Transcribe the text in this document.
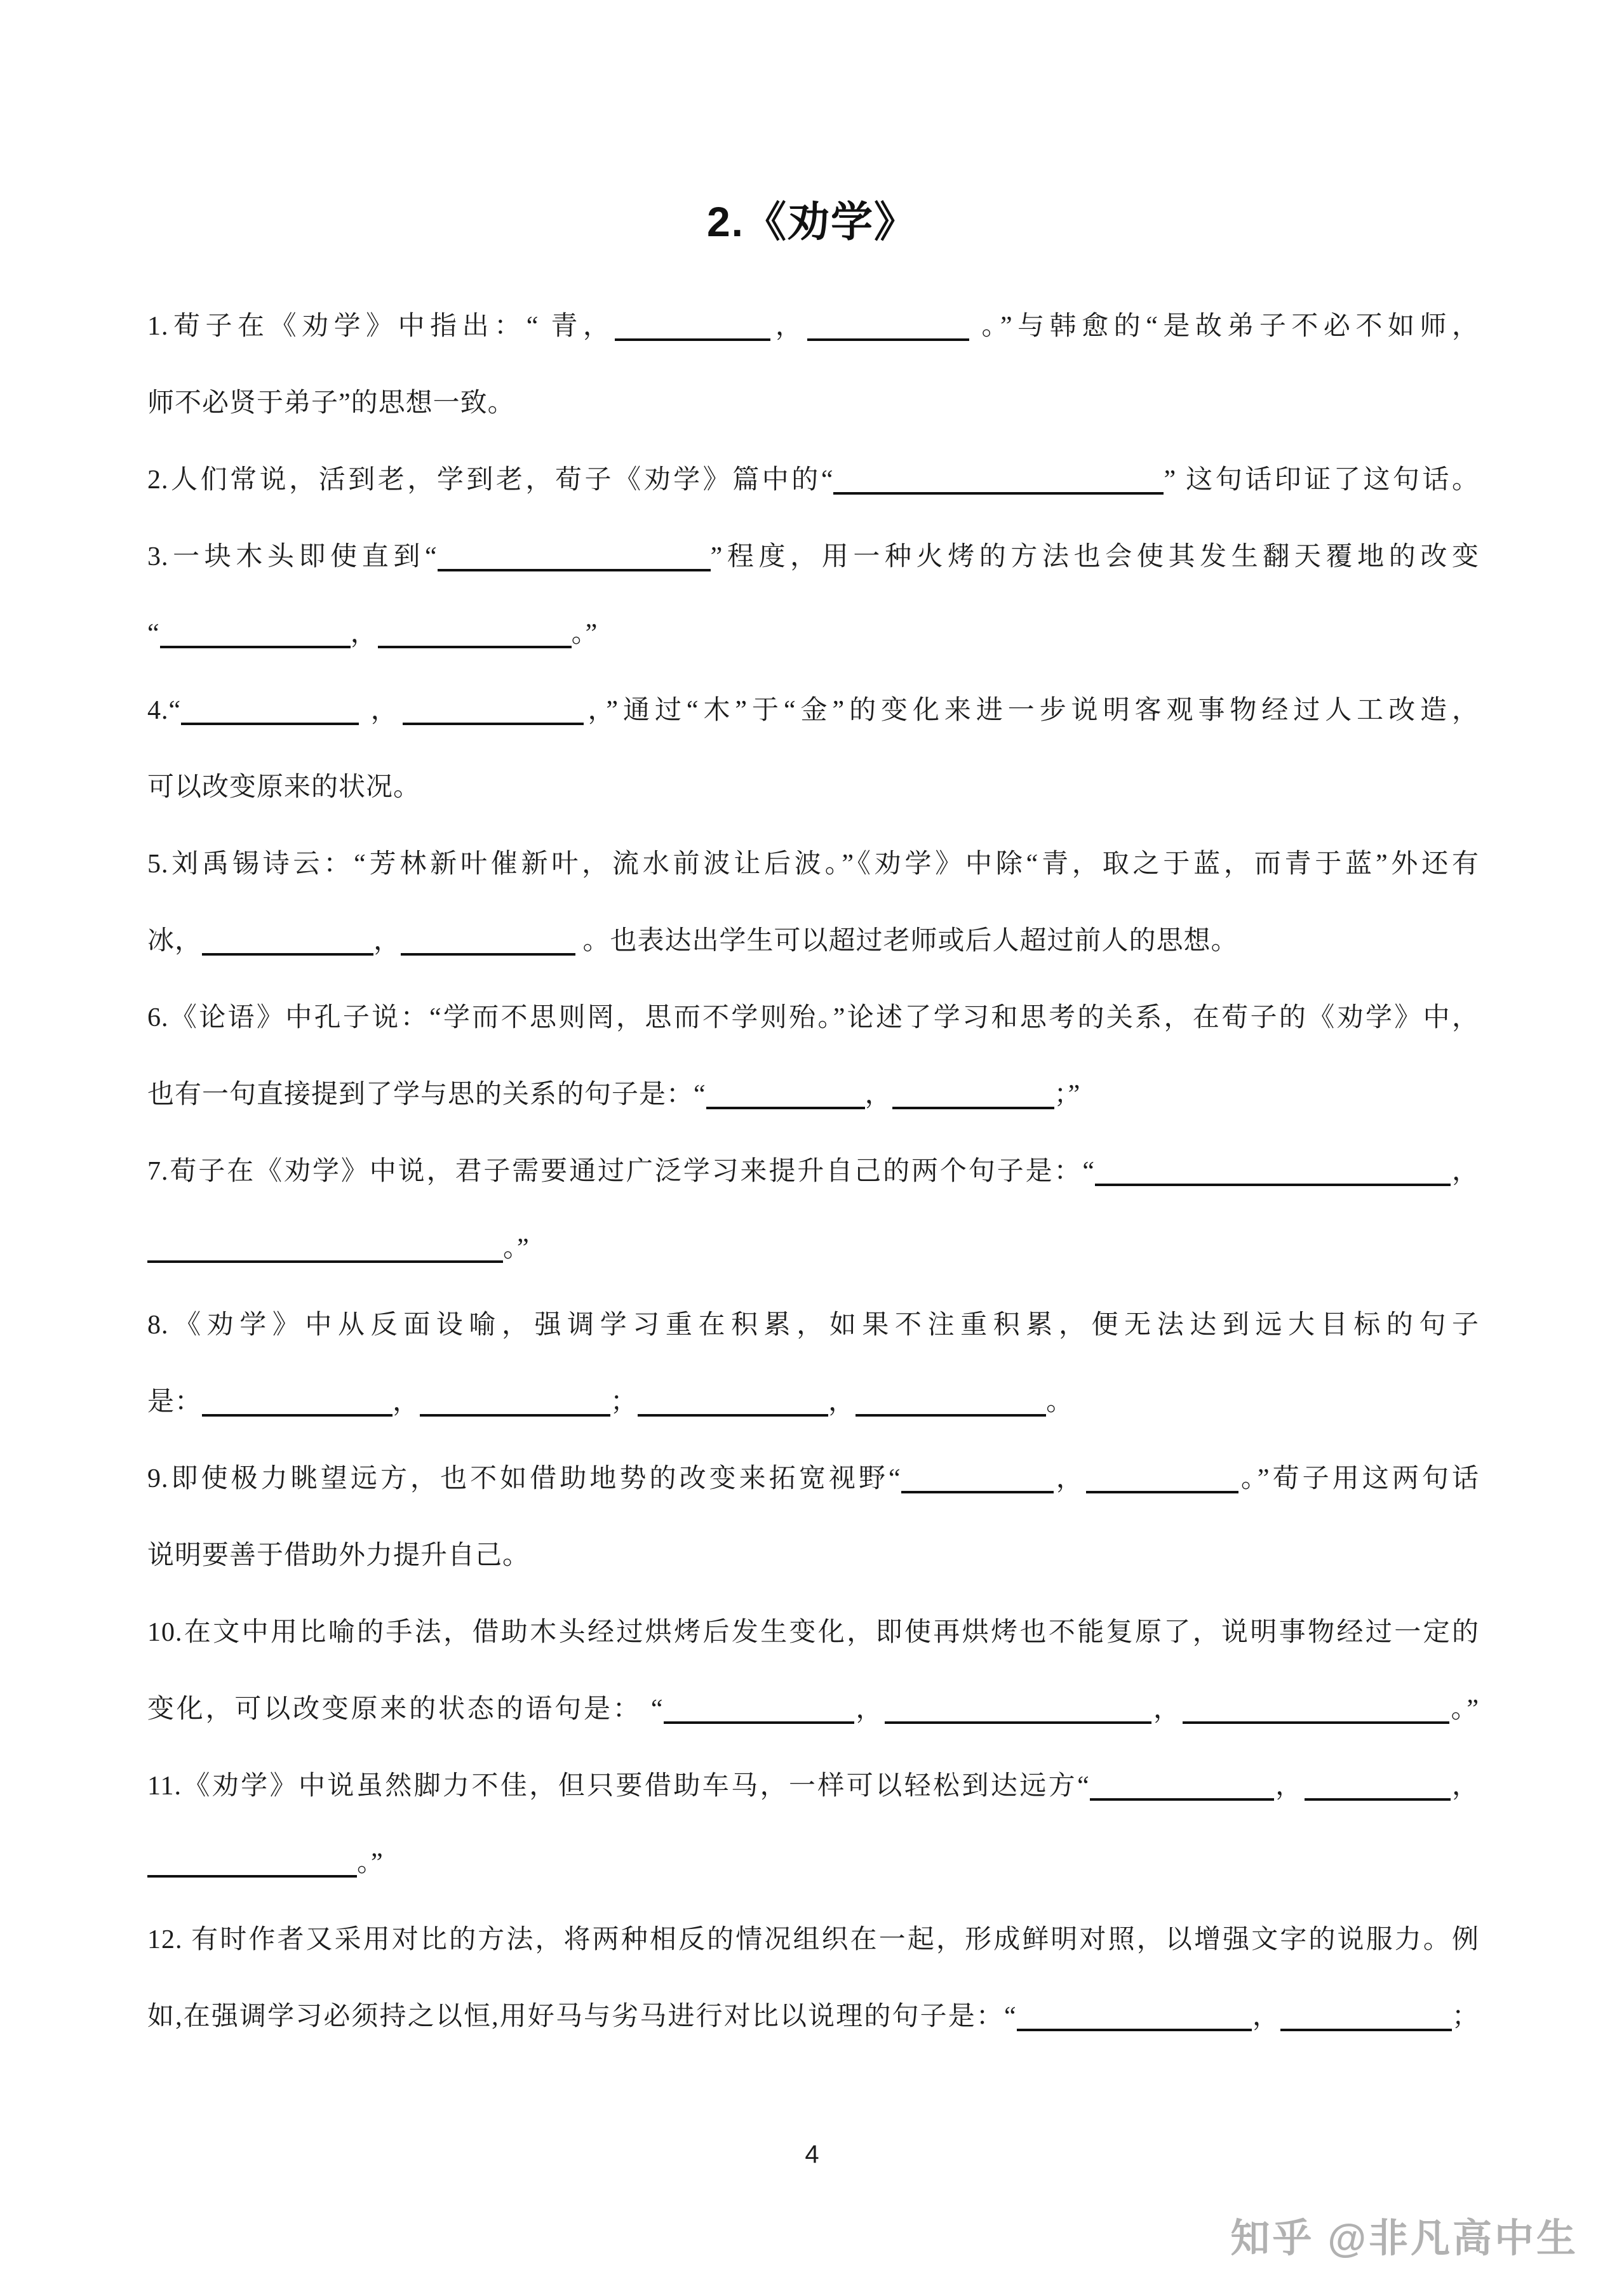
2.《劝学》
1.荀子在《劝学》中指出：“ 青，	，	。”与韩愈的“是故弟子不必不如师，
师不必贤于弟子”的思想一致。
2.人们常说，活到老，学到老，荀子《劝学》篇中的“	” 这句话印证了这句话。
3.一块木头即使直到“	”程度，用一种火烤的方法也会使其发生翻天覆地的改变
“	，	。”
4.“	，	，”通过“木”于“金”的变化来进一步说明客观事物经过人工改造，
可以改变原来的状况。
5.刘禹锡诗云：“芳林新叶催新叶，流水前波让后波。”《劝学》中除“青，取之于蓝，而青于蓝”外还有
冰，	，	。也表达出学生可以超过老师或后人超过前人的思想。
6.《论语》中孔子说：“学而不思则罔，思而不学则殆。”论述了学习和思考的关系，在荀子的《劝学》中，
也有一句直接提到了学与思的关系的句子是：“	，	；”
7.荀子在《劝学》中说，君子需要通过广泛学习来提升自己的两个句子是：“	，
。”
8.《劝学》中从反面设喻，强调学习重在积累，如果不注重积累，便无法达到远大目标的句子
是：	，	；	，	。
9.即使极力眺望远方，也不如借助地势的改变来拓宽视野“	，	。”荀子用这两句话
说明要善于借助外力提升自己。
10.在文中用比喻的手法，借助木头经过烘烤后发生变化，即使再烘烤也不能复原了，说明事物经过一定的
变化，可以改变原来的状态的语句是： “	，	，	。”
11.《劝学》中说虽然脚力不佳，但只要借助车马，一样可以轻松到达远方“	，	，
。”
12. 有时作者又采用对比的方法，将两种相反的情况组织在一起，形成鲜明对照，以增强文字的说服力。例
如,在强调学习必须持之以恒,用好马与劣马进行对比以说理的句子是：“	，	；
4
知乎 @非凡高中生
